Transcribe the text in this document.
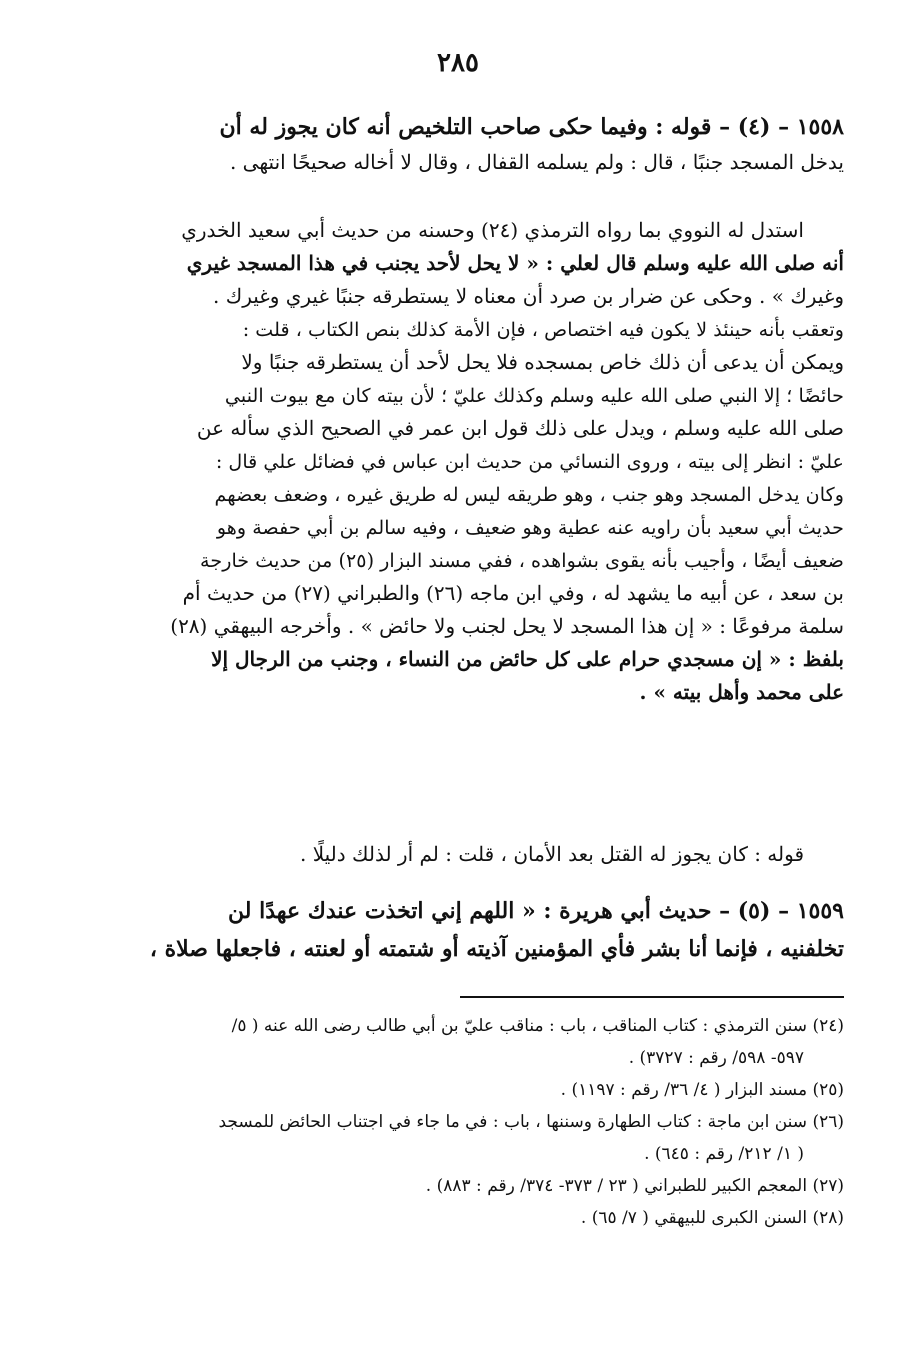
٢٨٥
١٥٥٨ – (٤) – قوله : وفيما حكى صاحب التلخيص أنه كان يجوز له أن
يدخل المسجد جنبًا ، قال : ولم يسلمه القفال ، وقال لا أخاله صحيحًا انتهى .
استدل له النووي بما رواه الترمذي (٢٤) وحسنه من حديث أبي سعيد الخدري
أنه صلى الله عليه وسلم قال لعلي : « لا يحل لأحد يجنب في هذا المسجد غيري
وغيرك » . وحكى عن ضرار بن صرد أن معناه لا يستطرقه جنبًا غيري وغيرك .
وتعقب بأنه حينئذ لا يكون فيه اختصاص ، فإن الأمة كذلك بنص الكتاب ، قلت :
ويمكن أن يدعى أن ذلك خاص بمسجده فلا يحل لأحد أن يستطرقه جنبًا ولا
حائضًا ؛ إلا النبي صلى الله عليه وسلم وكذلك عليّ ؛ لأن بيته كان مع بيوت النبي
صلى الله عليه وسلم ، ويدل على ذلك قول ابن عمر في الصحيح الذي سأله عن
عليّ : انظر إلى بيته ، وروى النسائي من حديث ابن عباس في فضائل علي قال :
وكان يدخل المسجد وهو جنب ، وهو طريقه ليس له طريق غيره ، وضعف بعضهم
حديث أبي سعيد بأن راويه عنه عطية وهو ضعيف ، وفيه سالم بن أبي حفصة وهو
ضعيف أيضًا ، وأجيب بأنه يقوى بشواهده ، ففي مسند البزار (٢٥) من حديث خارجة
بن سعد ، عن أبيه ما يشهد له ، وفي ابن ماجه (٢٦) والطبراني (٢٧) من حديث أم
سلمة مرفوعًا : « إن هذا المسجد لا يحل لجنب ولا حائض » . وأخرجه البيهقي (٢٨)
بلفظ : « إن مسجدي حرام على كل حائض من النساء ، وجنب من الرجال إلا
على محمد وأهل بيته » .
قوله : كان يجوز له القتل بعد الأمان ، قلت : لم أر لذلك دليلًا .
١٥٥٩ – (٥) – حديث أبي هريرة : « اللهم إني اتخذت عندك عهدًا لن
تخلفنيه ، فإنما أنا بشر فأي المؤمنين آذيته أو شتمته أو لعنته ، فاجعلها صلاة ،
(٢٤) سنن الترمذي : كتاب المناقب ، باب : مناقب عليّ بن أبي طالب رضى الله عنه ( ٥/
٥٩٧- ٥٩٨/ رقم : ٣٧٢٧) .
(٢٥) مسند البزار ( ٤/ ٣٦/ رقم : ١١٩٧) .
(٢٦) سنن ابن ماجة : كتاب الطهارة وسننها ، باب : في ما جاء في اجتناب الحائض للمسجد
( ١/ ٢١٢/ رقم : ٦٤٥) .
(٢٧) المعجم الكبير للطبراني ( ٢٣ / ٣٧٣- ٣٧٤/ رقم : ٨٨٣) .
(٢٨) السنن الكبرى للبيهقي ( ٧/ ٦٥) .
